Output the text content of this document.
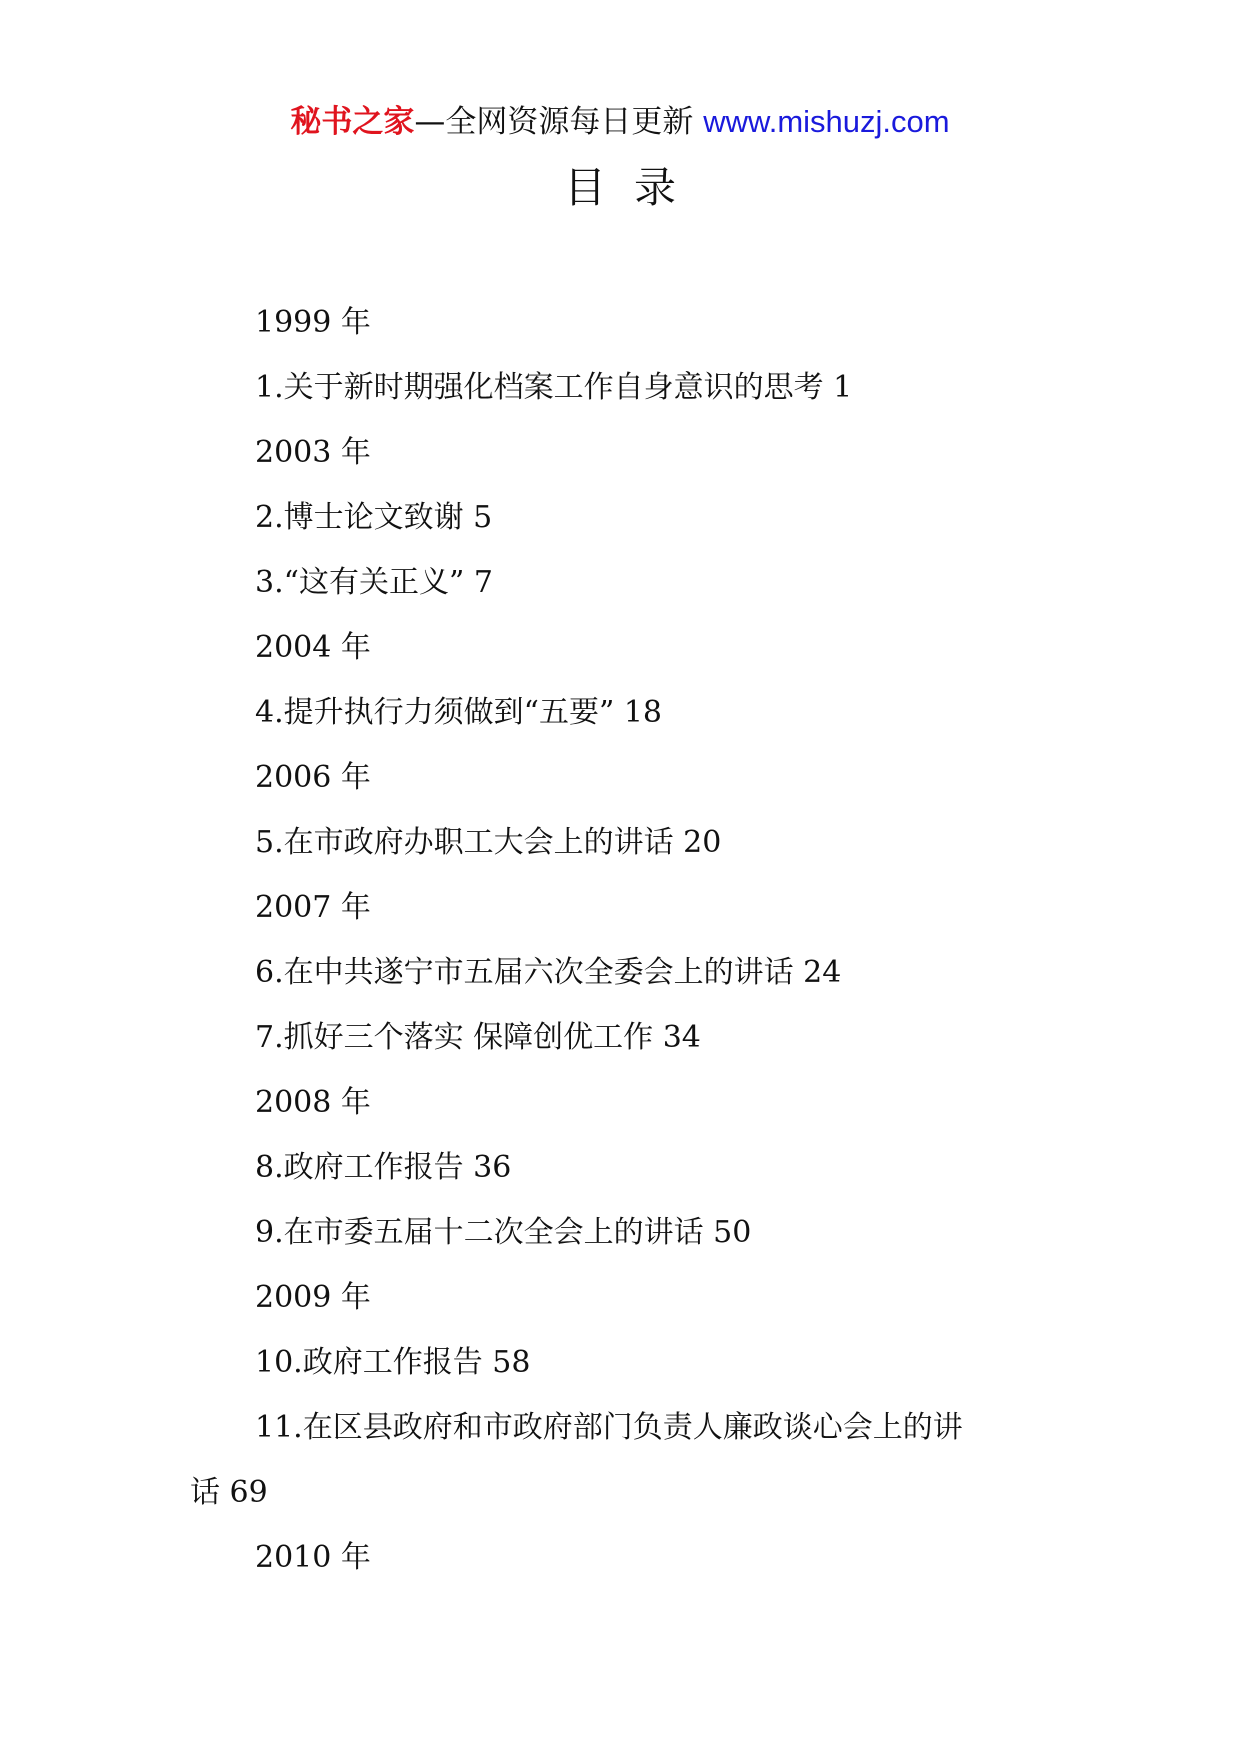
秘书之家—全网资源每日更新 www.mishuzj.com
目录
1999 年
1.关于新时期强化档案工作自身意识的思考 1
2003 年
2.博士论文致谢 5
3.“这有关正义” 7
2004 年
4.提升执行力须做到“五要” 18
2006 年
5.在市政府办职工大会上的讲话 20
2007 年
6.在中共遂宁市五届六次全委会上的讲话 24
7.抓好三个落实 保障创优工作 34
2008 年
8.政府工作报告 36
9.在市委五届十二次全会上的讲话 50
2009 年
10.政府工作报告 58
11.在区县政府和市政府部门负责人廉政谈心会上的讲
话 69
2010 年
